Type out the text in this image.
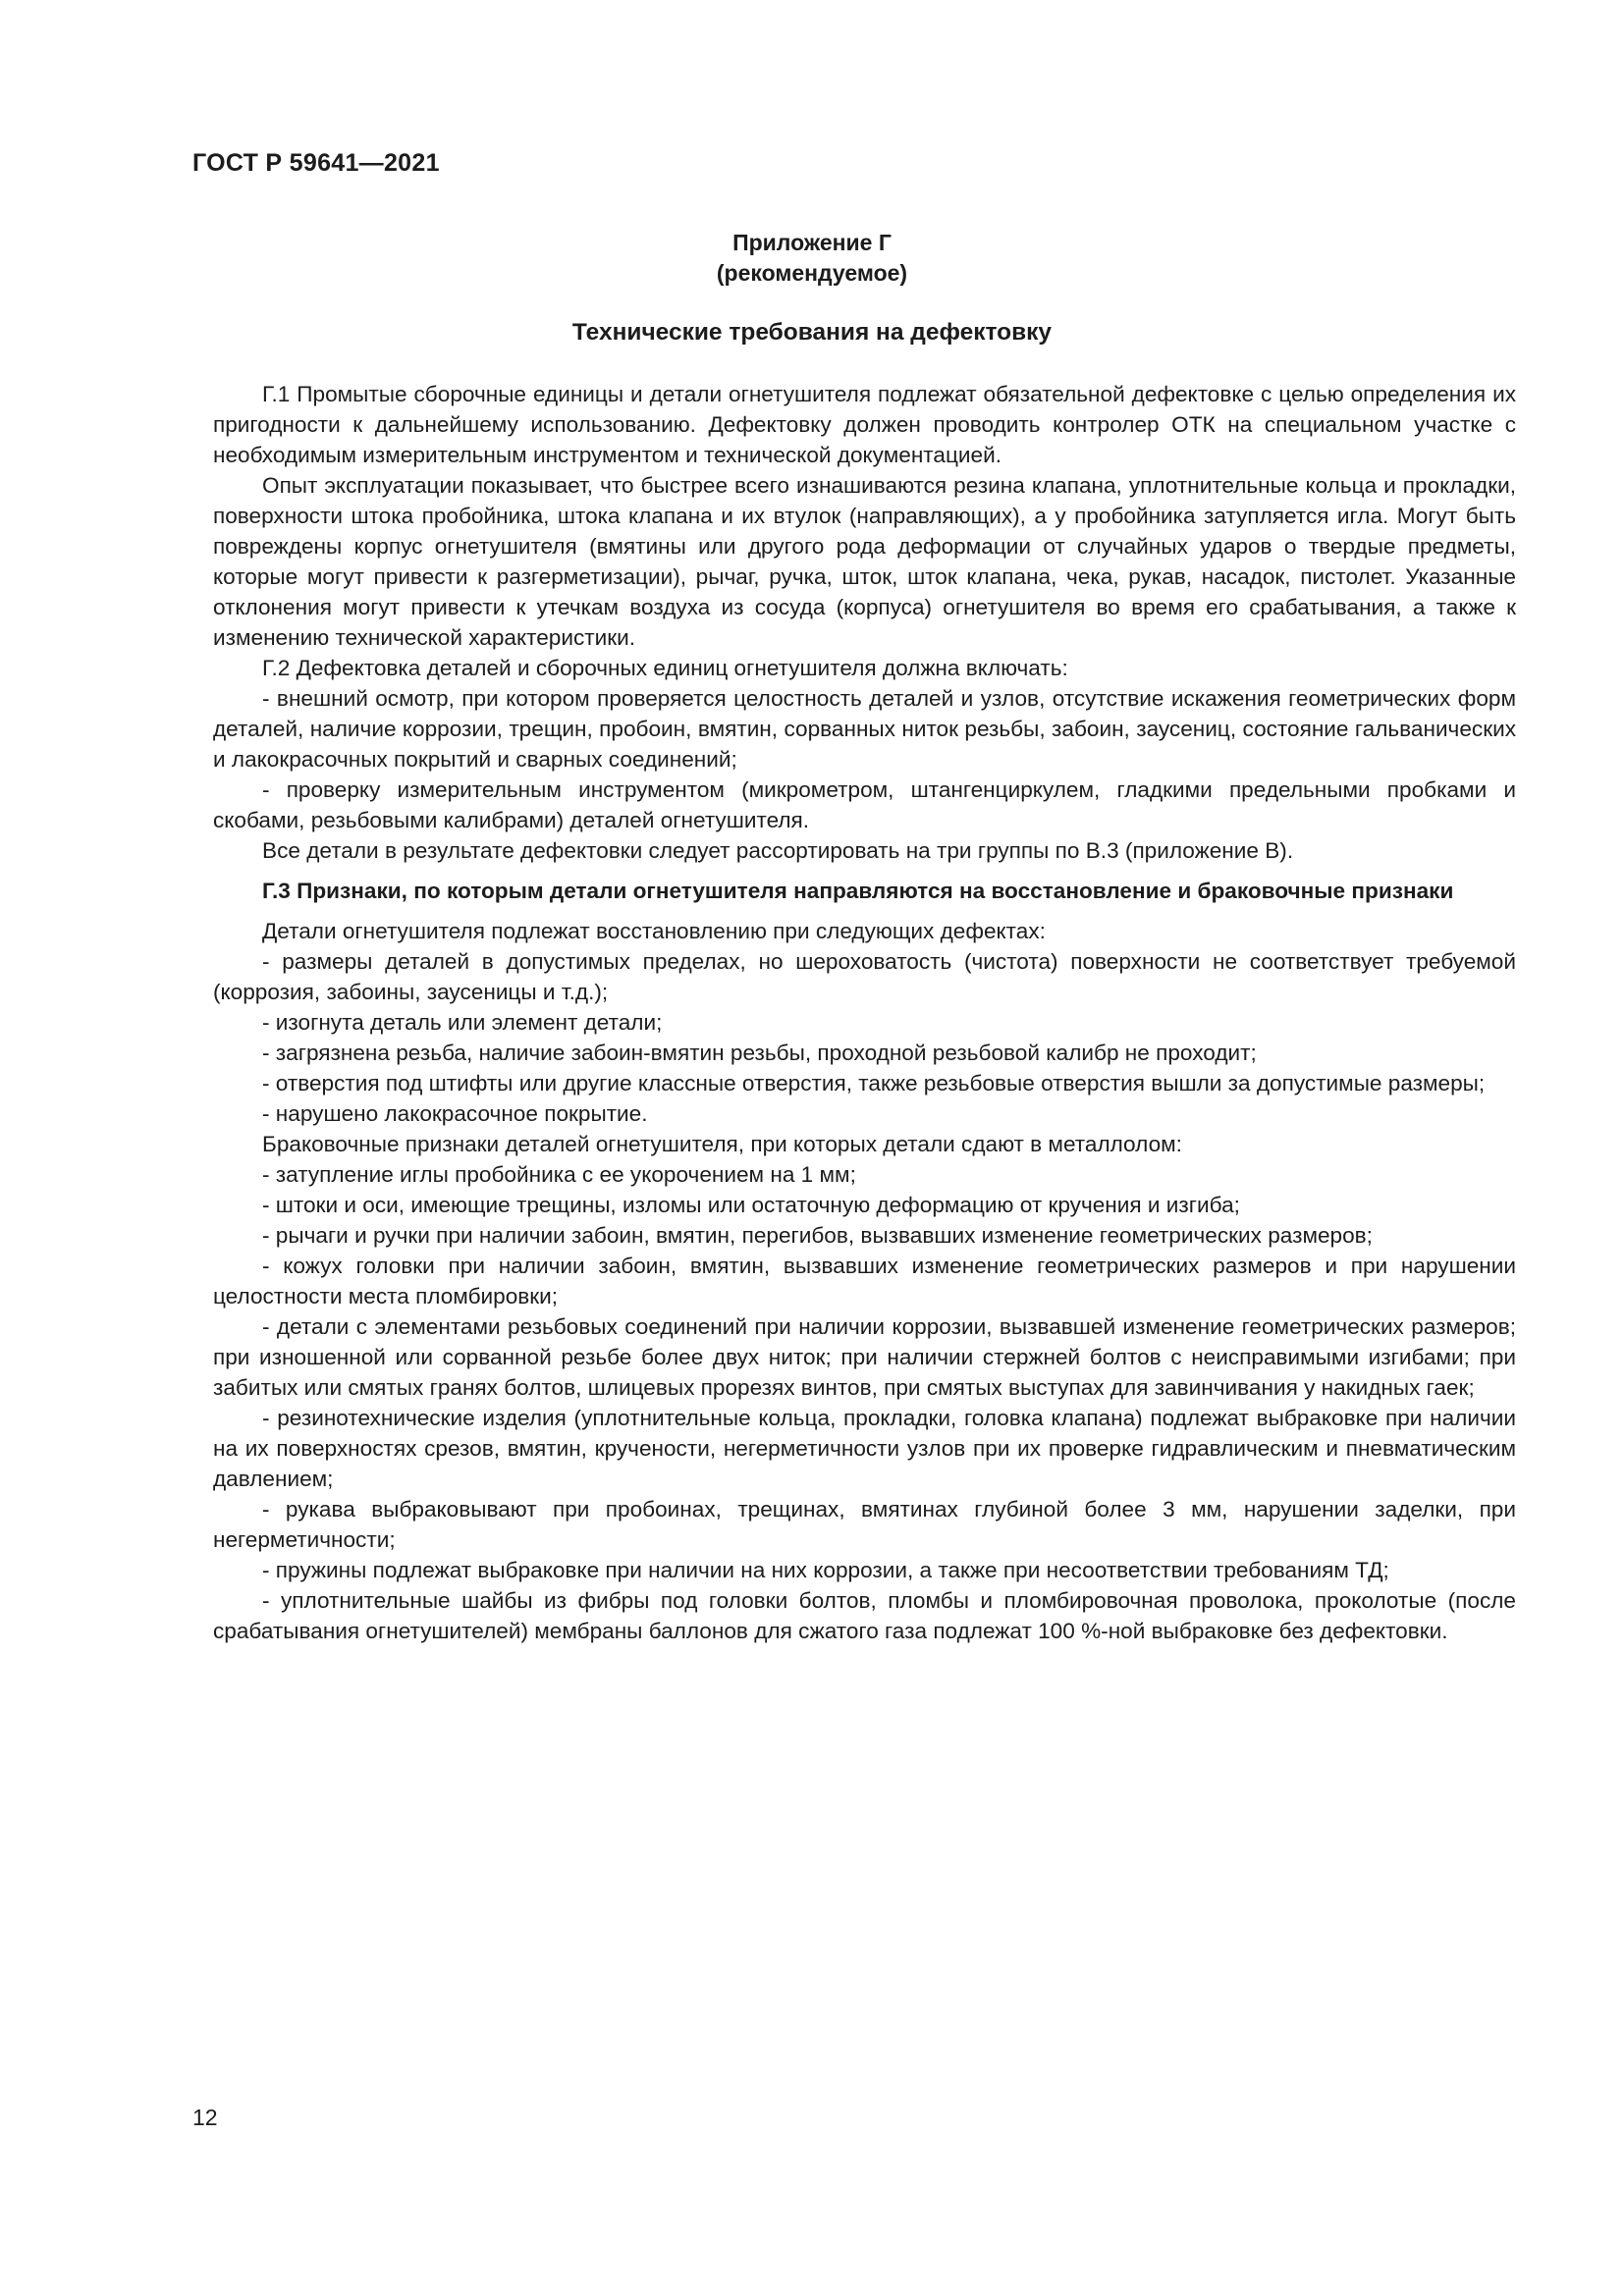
ГОСТ Р 59641—2021
Приложение Г
(рекомендуемое)
Технические требования на дефектовку

Г.1 Промытые сборочные единицы и детали огнетушителя подлежат обязательной дефектовке с целью определения их пригодности к дальнейшему использованию. Дефектовку должен проводить контролер ОТК на специальном участке с необходимым измерительным инструментом и технической документацией.

Опыт эксплуатации показывает, что быстрее всего изнашиваются резина клапана, уплотнительные кольца и прокладки, поверхности штока пробойника, штока клапана и их втулок (направляющих), а у пробойника затупляется игла. Могут быть повреждены корпус огнетушителя (вмятины или другого рода деформации от случайных ударов о твердые предметы, которые могут привести к разгерметизации), рычаг, ручка, шток, шток клапана, чека, рукав, насадок, пистолет. Указанные отклонения могут привести к утечкам воздуха из сосуда (корпуса) огнетушителя во время его срабатывания, а также к изменению технической характеристики.

Г.2 Дефектовка деталей и сборочных единиц огнетушителя должна включать:

- внешний осмотр, при котором проверяется целостность деталей и узлов, отсутствие искажения геометрических форм деталей, наличие коррозии, трещин, пробоин, вмятин, сорванных ниток резьбы, забоин, заусениц, состояние гальванических и лакокрасочных покрытий и сварных соединений;

- проверку измерительным инструментом (микрометром, штангенциркулем, гладкими предельными пробками и скобами, резьбовыми калибрами) деталей огнетушителя.

Все детали в результате дефектовки следует рассортировать на три группы по В.3 (приложение В).

Г.3 Признаки, по которым детали огнетушителя направляются на восстановление и браковочные признаки

Детали огнетушителя подлежат восстановлению при следующих дефектах:

- размеры деталей в допустимых пределах, но шероховатость (чистота) поверхности не соответствует требуемой (коррозия, забоины, заусеницы и т.д.);

- изогнута деталь или элемент детали;

- загрязнена резьба, наличие забоин-вмятин резьбы, проходной резьбовой калибр не проходит;

- отверстия под штифты или другие классные отверстия, также резьбовые отверстия вышли за допустимые размеры;

- нарушено лакокрасочное покрытие.

Браковочные признаки деталей огнетушителя, при которых детали сдают в металлолом:

- затупление иглы пробойника с ее укорочением на 1 мм;

- штоки и оси, имеющие трещины, изломы или остаточную деформацию от кручения и изгиба;

- рычаги и ручки при наличии забоин, вмятин, перегибов, вызвавших изменение геометрических размеров;

- кожух головки при наличии забоин, вмятин, вызвавших изменение геометрических размеров и при нарушении целостности места пломбировки;

- детали с элементами резьбовых соединений при наличии коррозии, вызвавшей изменение геометрических размеров; при изношенной или сорванной резьбе более двух ниток; при наличии стержней болтов с неисправимыми изгибами; при забитых или смятых гранях болтов, шлицевых прорезях винтов, при смятых выступах для завинчивания у накидных гаек;

- резинотехнические изделия (уплотнительные кольца, прокладки, головка клапана) подлежат выбраковке при наличии на их поверхностях срезов, вмятин, кручености, негерметичности узлов при их проверке гидравлическим и пневматическим давлением;

- рукава выбраковывают при пробоинах, трещинах, вмятинах глубиной более 3 мм, нарушении заделки, при негерметичности;

- пружины подлежат выбраковке при наличии на них коррозии, а также при несоответствии требованиям ТД;

- уплотнительные шайбы из фибры под головки болтов, пломбы и пломбировочная проволока, проколотые (после срабатывания огнетушителей) мембраны баллонов для сжатого газа подлежат 100 %-ной выбраковке без дефектовки.

12
